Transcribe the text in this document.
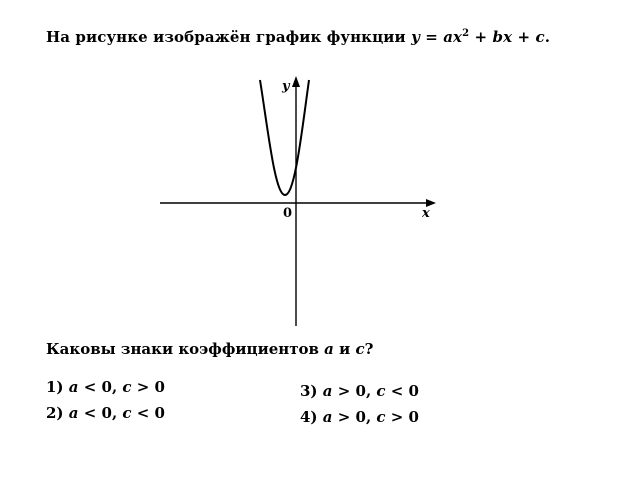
На рисунке изображён график функции $y = ax^2$ + bx + c.
y
x
0
Каковы знаки коэффициентов a и c?
1) a < 0, c > 0
2) a < 0, c < 0
3) a > 0, c < 0
4) a > 0, c > 0
